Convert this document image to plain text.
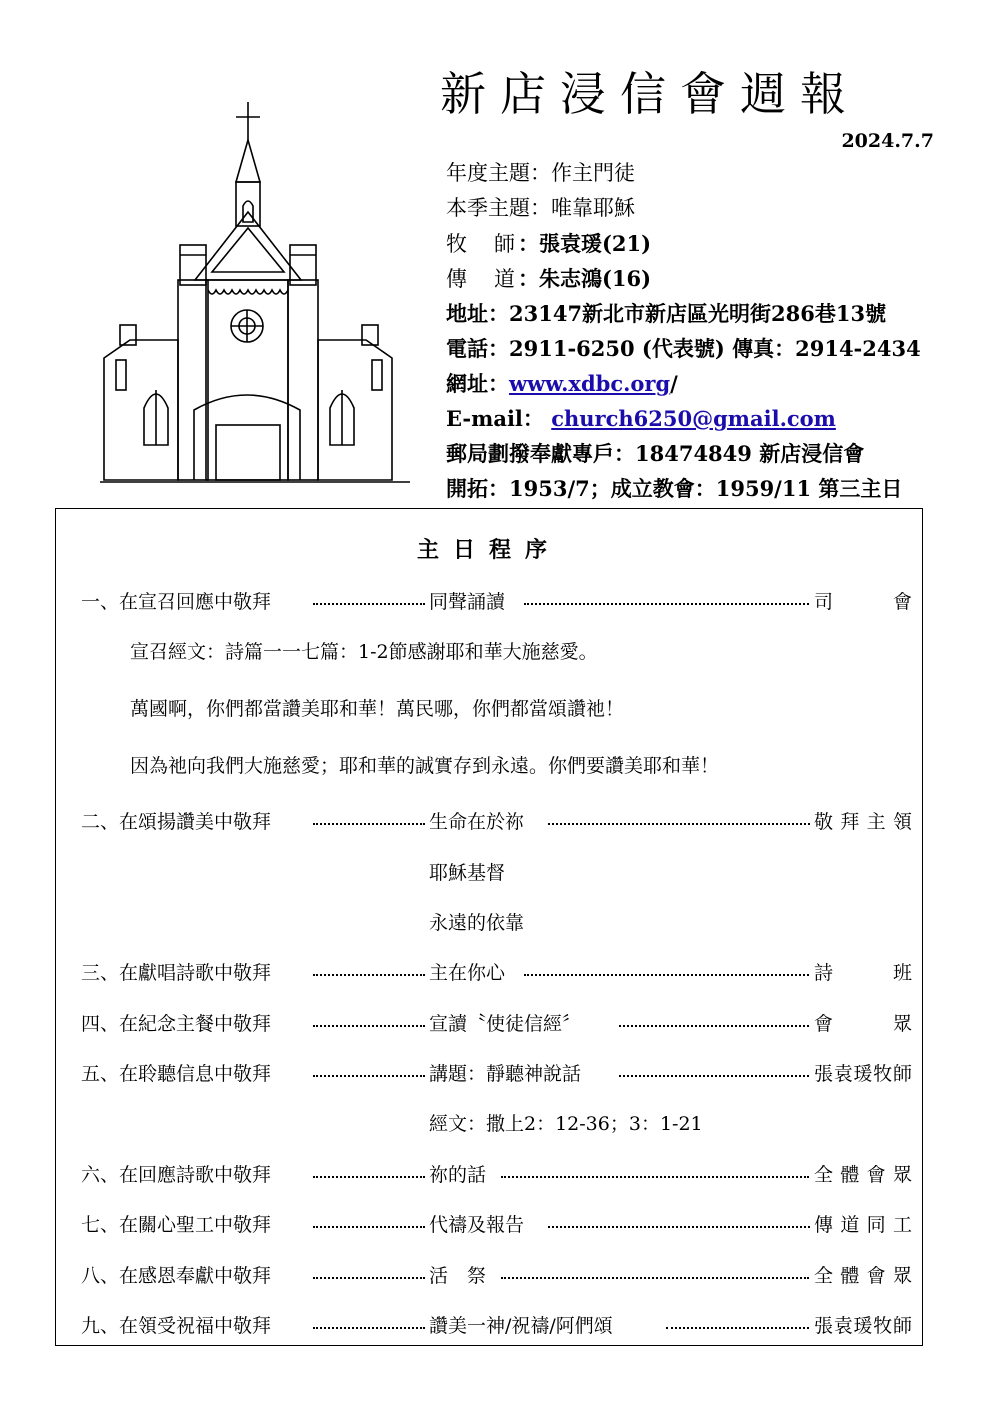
新店浸信會週報
2024.7.7
年度主題：作主門徒
本季主題：唯靠耶穌
牧 師 ：張袁瑗(21)
傳 道 ：朱志鴻(16)
地址：23147新北市新店區光明街286巷13號
電話：2911-6250 (代表號) 傳真：2914-2434
網址：www.xdbc.org/
E-mail： church6250@gmail.com
郵局劃撥奉獻專戶：18474849 新店浸信會
開拓：1953/7；成立教會：1959/11 第三主日
主日程序
一、在宣召回應中敬拜	同聲誦讀	司　　會
宣召經文：詩篇一一七篇：1-2節感謝耶和華大施慈愛。
萬國啊，你們都當讚美耶和華！萬民哪，你們都當頌讚祂！
因為祂向我們大施慈愛；耶和華的誠實存到永遠。你們要讚美耶和華！
二、在頌揚讚美中敬拜	生命在於祢	敬拜主領
耶穌基督
永遠的依靠
三、在獻唱詩歌中敬拜	主在你心	詩　　班
四、在紀念主餐中敬拜	宣讀〝使徒信經〞	會　　眾
五、在聆聽信息中敬拜	講題：靜聽神說話	張袁瑗牧師
經文：撒上2：12-36；3：1-21
六、在回應詩歌中敬拜	祢的話	全體會眾
七、在關心聖工中敬拜	代禱及報告	傳道同工
八、在感恩奉獻中敬拜	活　祭	全體會眾
九、在領受祝福中敬拜	讚美一神/祝禱/阿們頌	張袁瑗牧師
